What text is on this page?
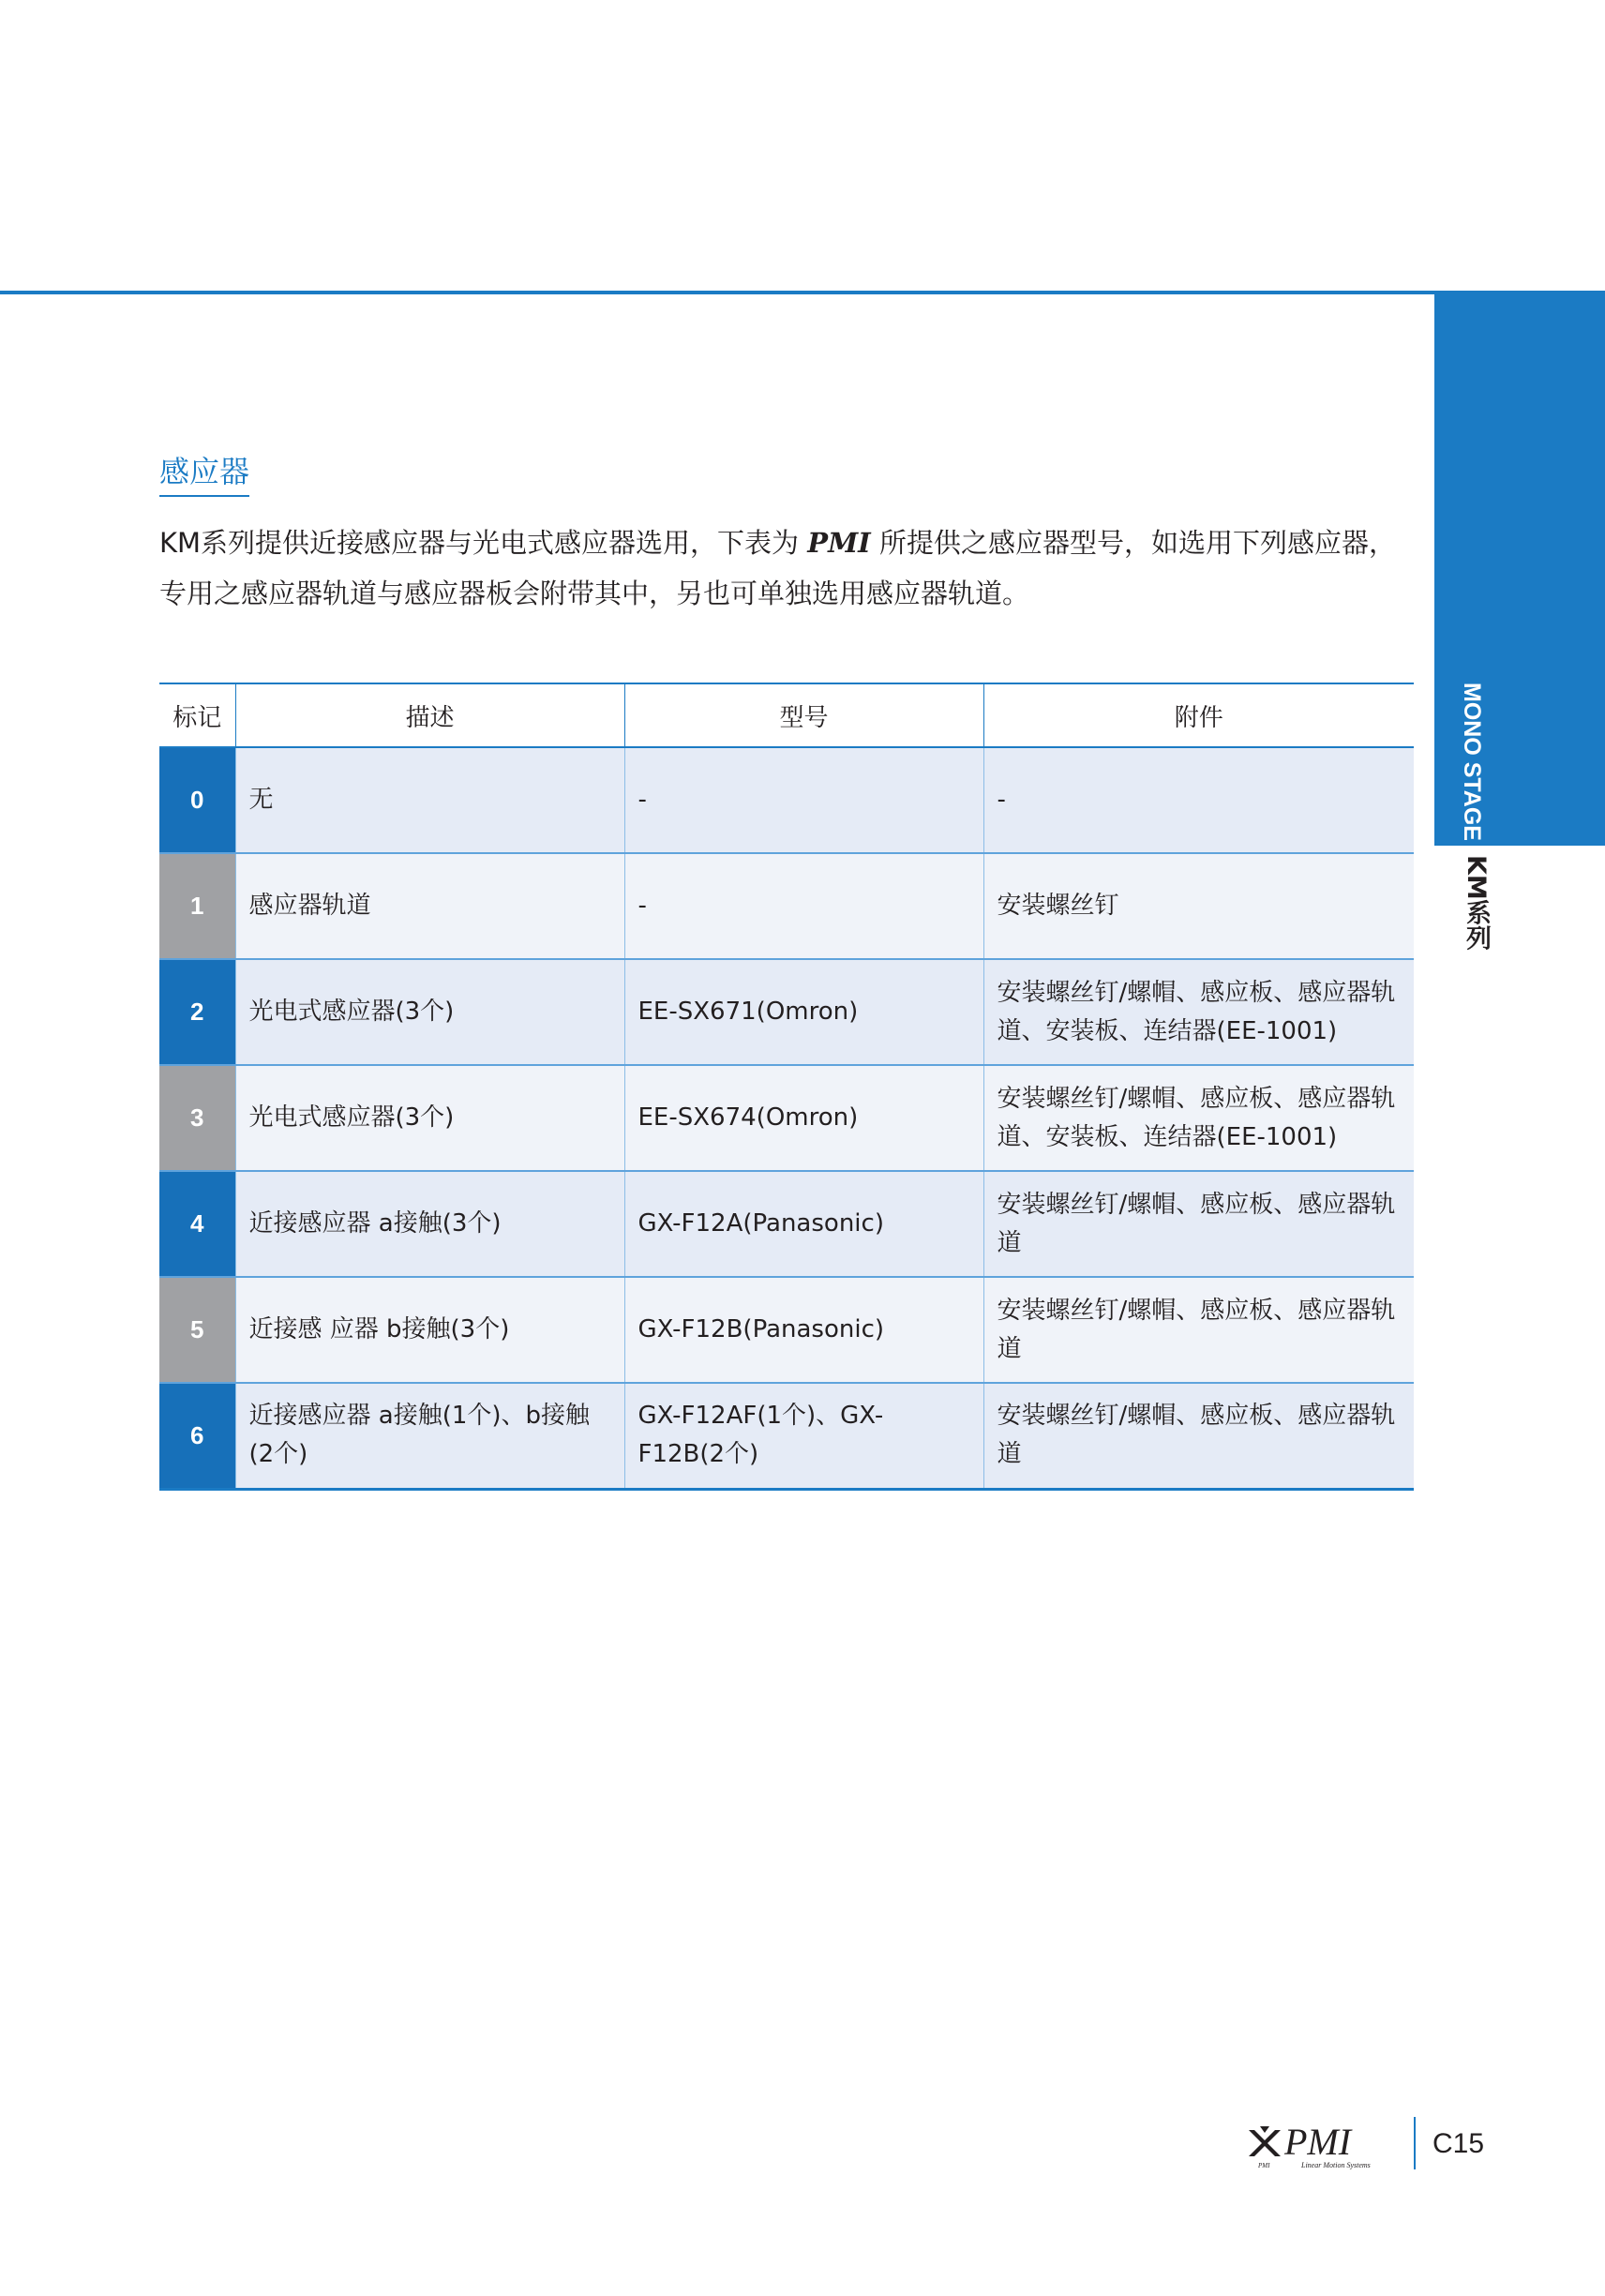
MONO STAGE
KM系列
感应器

KM系列提供近接感应器与光电式感应器选用，下表为 PMI 所提供之感应器型号，如选用下列感应器，专用之感应器轨道与感应器板会附带其中，另也可单独选用感应器轨道。

标记	描述	型号	附件
0	无	-	-
1	感应器轨道	-	安装螺丝钉
2	光电式感应器(3个)	EE-SX671(Omron)	安装螺丝钉/螺帽、感应板、感应器轨道、安装板、连结器(EE-1001)
3	光电式感应器(3个)	EE-SX674(Omron)	安装螺丝钉/螺帽、感应板、感应器轨道、安装板、连结器(EE-1001)
4	近接感应器 a接触(3个)	GX-F12A(Panasonic)	安装螺丝钉/螺帽、感应板、感应器轨道
5	近接感 应器 b接触(3个)	GX-F12B(Panasonic)	安装螺丝钉/螺帽、感应板、感应器轨道
6	近接感应器 a接触(1个)、b接触(2个)	GX-F12AF(1个)、GX-F12B(2个)	安装螺丝钉/螺帽、感应板、感应器轨道
PMI
PMI	Linear Motion Systems
C15
